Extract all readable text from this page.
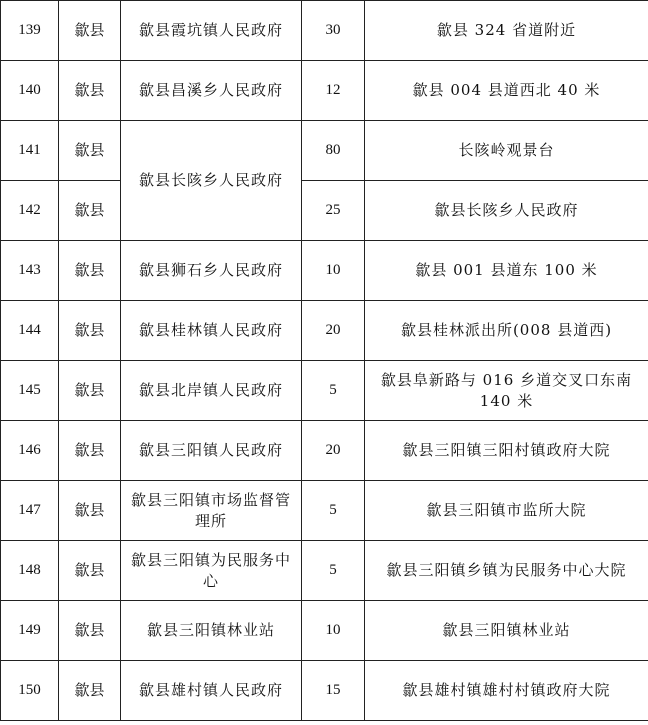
139	歙县	歙县霞坑镇人民政府	30	歙县 324 省道附近
140	歙县	歙县昌溪乡人民政府	12	歙县 004 县道西北 40 米
141	歙县	歙县长陔乡人民政府	80	长陔岭观景台
142	歙县		25	歙县长陔乡人民政府
143	歙县	歙县狮石乡人民政府	10	歙县 001 县道东 100 米
144	歙县	歙县桂林镇人民政府	20	歙县桂林派出所(008 县道西)
145	歙县	歙县北岸镇人民政府	5	歙县阜新路与 016 乡道交叉口东南 140 米
146	歙县	歙县三阳镇人民政府	20	歙县三阳镇三阳村镇政府大院
147	歙县	歙县三阳镇市场监督管理所	5	歙县三阳镇市监所大院
148	歙县	歙县三阳镇为民服务中心	5	歙县三阳镇乡镇为民服务中心大院
149	歙县	歙县三阳镇林业站	10	歙县三阳镇林业站
150	歙县	歙县雄村镇人民政府	15	歙县雄村镇雄村村镇政府大院
